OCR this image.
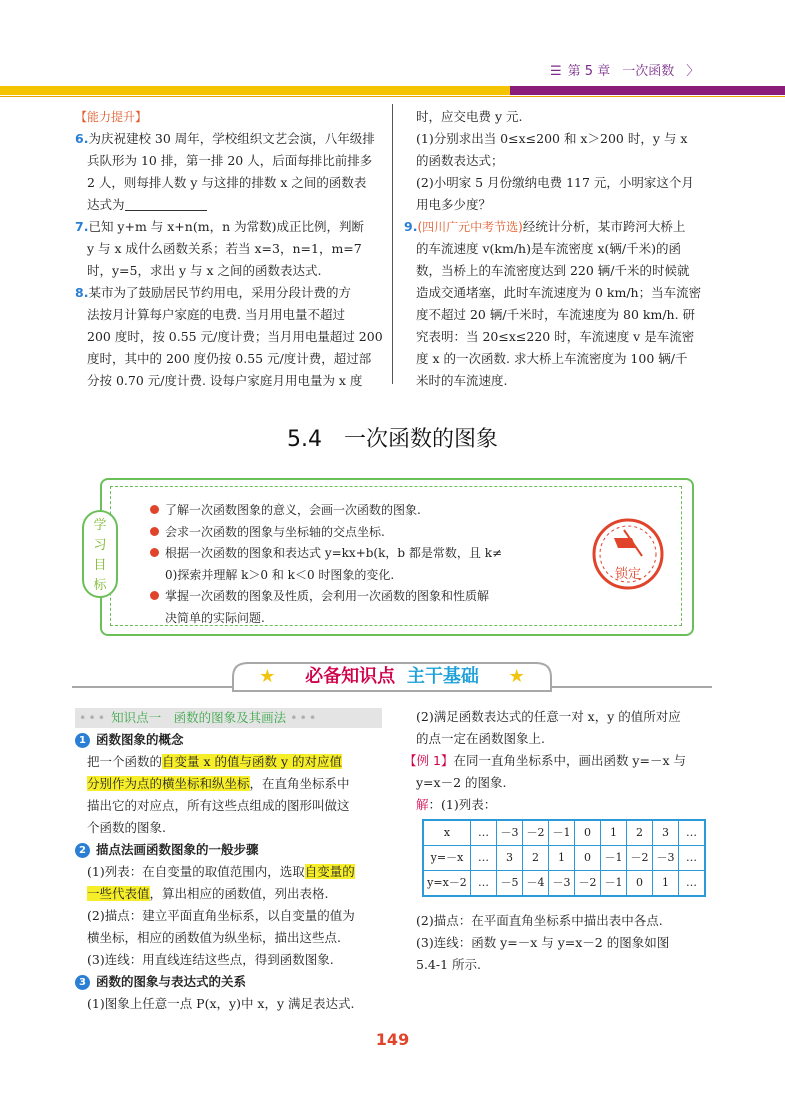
☰ 第 5 章 一次函数 〉

【能力提升】

6.为庆祝建校 30 周年，学校组织文艺会演，八年级排

兵队形为 10 排，第一排 20 人，后面每排比前排多

2 人，则每排人数 y 与这排的排数 x 之间的函数表

达式为

7.已知 y+m 与 x+n(m，n 为常数)成正比例，判断

y 与 x 成什么函数关系；若当 x=3，n=1，m=7

时，y=5，求出 y 与 x 之间的函数表达式.

8.某市为了鼓励居民节约用电，采用分段计费的方

法按月计算每户家庭的电费. 当月用电量不超过

200 度时，按 0.55 元/度计费；当月用电量超过 200

度时，其中的 200 度仍按 0.55 元/度计费，超过部

分按 0.70 元/度计费. 设每户家庭月用电量为 x 度

时，应交电费 y 元.

(1)分别求出当 0≤x≤200 和 x＞200 时，y 与 x

的函数表达式；

(2)小明家 5 月份缴纳电费 117 元，小明家这个月

用电多少度？

9.(四川广元中考节选)经统计分析，某市跨河大桥上

的车流速度 v(km/h)是车流密度 x(辆/千米)的函

数，当桥上的车流密度达到 220 辆/千米的时候就

造成交通堵塞，此时车流速度为 0 km/h；当车流密

度不超过 20 辆/千米时，车流速度为 80 km/h. 研

究表明：当 20≤x≤220 时，车流速度 v 是车流密

度 x 的一次函数. 求大桥上车流密度为 100 辆/千

米时的车流速度.

5.4　一次函数的图象
学
习
目
标

了解一次函数图象的意义，会画一次函数的图象.

会求一次函数的图象与坐标轴的交点坐标.

根据一次函数的图象和表达式 y=kx+b(k，b 都是常数，且 k≠

0)探索并理解 k＞0 和 k＜0 时图象的变化.

掌握一次函数的图象及性质，会利用一次函数的图象和性质解

决简单的实际问题.

锁定
★ 必备知识点 主干基础 ★
••• 知识点一　 函数的图象及其画法 •••

1 函数图象的概念

把一个函数的自变量 x 的值与函数 y 的对应值

分别作为点的横坐标和纵坐标，在直角坐标系中

描出它的对应点，所有这些点组成的图形叫做这

个函数的图象.

2 描点法画函数图象的一般步骤

(1)列表：在自变量的取值范围内，选取自变量的

一些代表值，算出相应的函数值，列出表格.

(2)描点：建立平面直角坐标系，以自变量的值为

横坐标，相应的函数值为纵坐标，描出这些点.

(3)连线：用直线连结这些点，得到函数图象.

3 函数的图象与表达式的关系

(1)图象上任意一点 P(x，y)中 x，y 满足表达式.

(2)满足函数表达式的任意一对 x，y 的值所对应

的点一定在函数图象上.

【例 1】在同一直角坐标系中，画出函数 y=－x 与

y=x－2 的图象.

解：(1)列表：

x	…	－3	－2	－1	0	1	2	3	…
y=－x	…	3	2	1	0	－1	－2	－3	…
y=x－2	…	－5	－4	－3	－2	－1	0	1	…

(2)描点：在平面直角坐标系中描出表中各点.

(3)连线：函数 y=－x 与 y=x－2 的图象如图

5.4-1 所示.

149
